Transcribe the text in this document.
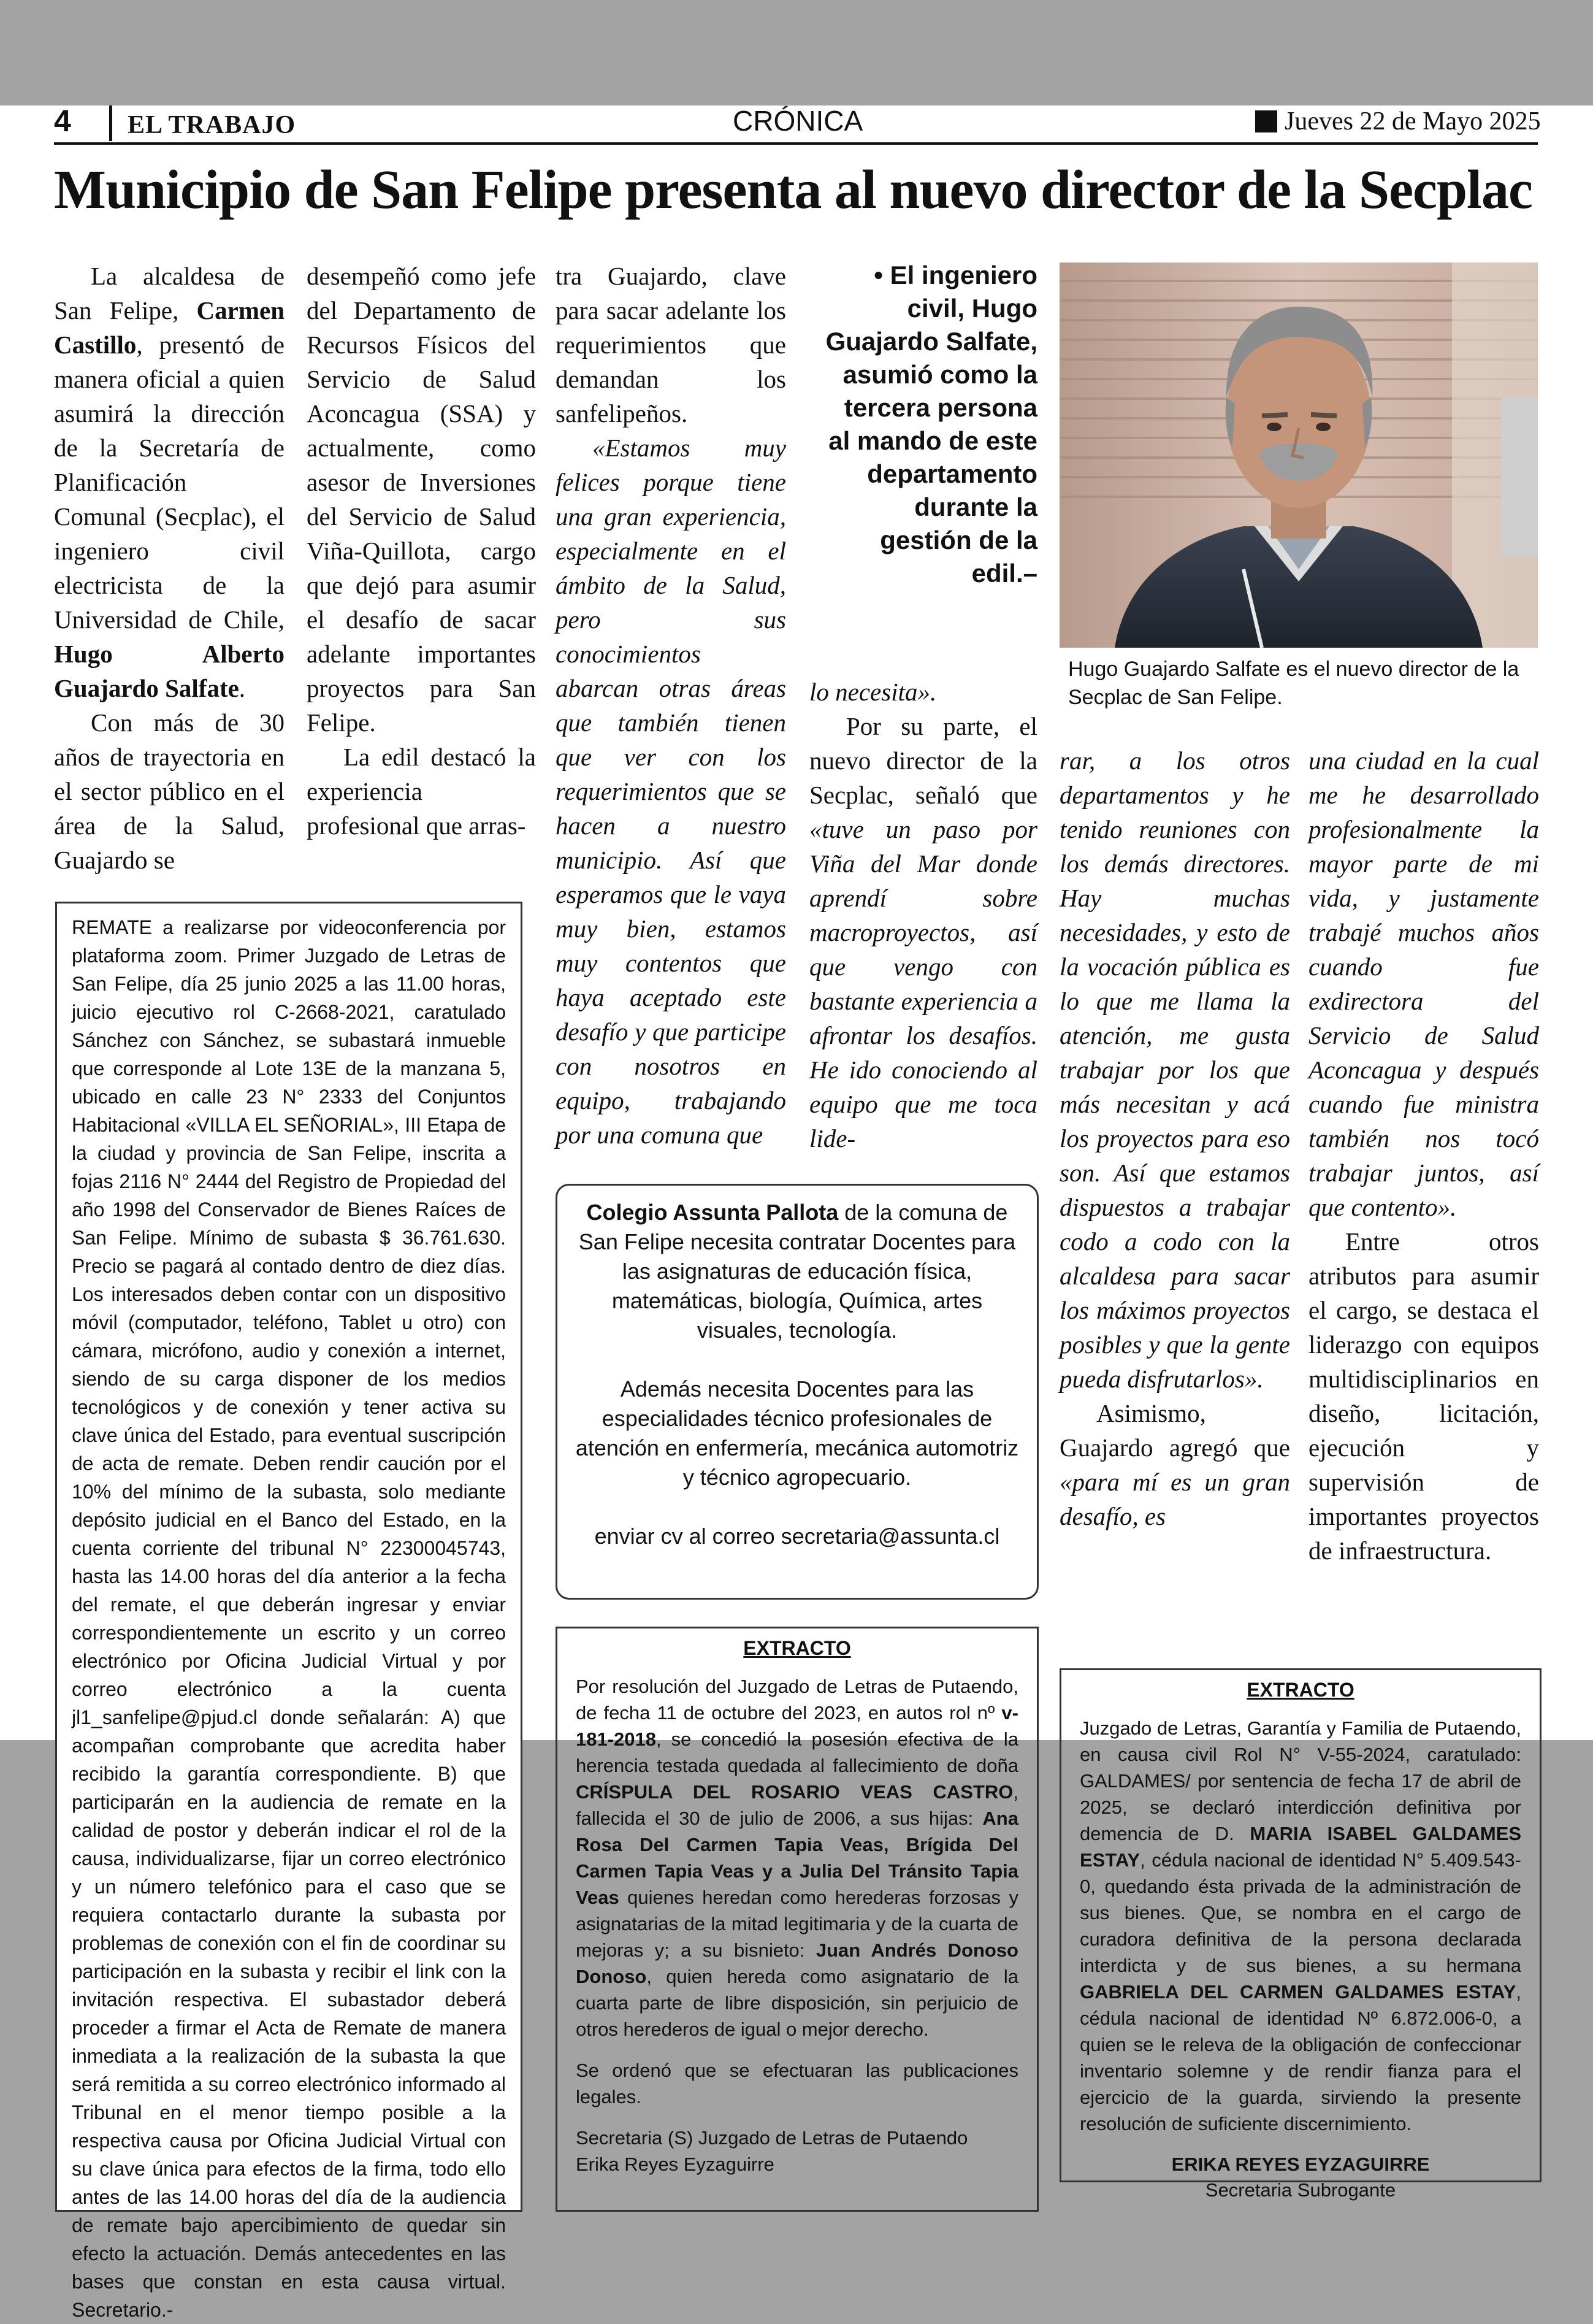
4 EL TRABAJO	CRÓNICA	Jueves 22 de Mayo 2025
Municipio de San Felipe presenta al nuevo director de la Secplac

La alcaldesa de San Felipe, Carmen Castillo, presentó de manera oficial a quien asumirá la dirección de la Secretaría de Planificación Comunal (Secplac), el ingeniero civil electricista de la Universidad de Chile, Hugo Alberto Guajardo Salfate.

Con más de 30 años de trayectoria en el sector público en el área de la Salud, Guajardo se

desempeñó como jefe del Departamento de Recursos Físicos del Servicio de Salud Aconcagua (SSA) y actualmente, como asesor de Inversiones del Servicio de Salud Viña-Quillota, cargo que dejó para asumir el desafío de sacar adelante importantes proyectos para San Felipe.

La edil destacó la experiencia profesional que arras-

tra Guajardo, clave para sacar adelante los requerimientos que demandan los sanfelipeños.

«Estamos muy felices porque tiene una gran experiencia, especialmente en el ámbito de la Salud, pero sus conocimientos abarcan otras áreas que también tienen que ver con los requerimientos que se hacen a nuestro municipio. Así que esperamos que le vaya muy bien, estamos muy contentos que haya aceptado este desafío y que participe con nosotros en equipo, trabajando por una comuna que

• El ingeniero civil, Hugo Guajardo Salfate, asumió como la tercera persona al mando de este departamento durante la gestión de la edil.–
Hugo Guajardo Salfate es el nuevo director de la Secplac de San Felipe.

lo necesita».

Por su parte, el nuevo director de la Secplac, señaló que «tuve un paso por Viña del Mar donde aprendí sobre macroproyectos, así que vengo con bastante experiencia a afrontar los desafíos. He ido conociendo al equipo que me toca lide-

rar, a los otros departamentos y he tenido reuniones con los demás directores. Hay muchas necesidades, y esto de la vocación pública es lo que me llama la atención, me gusta trabajar por los que más necesitan y acá los proyectos para eso son. Así que estamos dispuestos a trabajar codo a codo con la alcaldesa para sacar los máximos proyectos posibles y que la gente pueda disfrutarlos».

Asimismo, Guajardo agregó que «para mí es un gran desafío, es

una ciudad en la cual me he desarrollado profesionalmente la mayor parte de mi vida, y justamente trabajé muchos años cuando fue exdirectora del Servicio de Salud Aconcagua y después cuando fue ministra también nos tocó trabajar juntos, así que contento».

Entre otros atributos para asumir el cargo, se destaca el liderazgo con equipos multidisciplinarios en diseño, licitación, ejecución y supervisión de importantes proyectos de infraestructura.

REMATE a realizarse por videoconferencia por plataforma zoom. Primer Juzgado de Letras de San Felipe, día 25 junio 2025 a las 11.00 horas, juicio ejecutivo rol C-2668-2021, caratulado Sánchez con Sánchez, se subastará inmueble que corresponde al Lote 13E de la manzana 5, ubicado en calle 23 N° 2333 del Conjuntos Habitacional «VILLA EL SEÑORIAL», III Etapa de la ciudad y provincia de San Felipe, inscrita a fojas 2116 N° 2444 del Registro de Propiedad del año 1998 del Conservador de Bienes Raíces de San Felipe. Mínimo de subasta $ 36.761.630. Precio se pagará al contado dentro de diez días. Los interesados deben contar con un dispositivo móvil (computador, teléfono, Tablet u otro) con cámara, micrófono, audio y conexión a internet, siendo de su carga disponer de los medios tecnológicos y de conexión y tener activa su clave única del Estado, para eventual suscripción de acta de remate. Deben rendir caución por el 10% del mínimo de la subasta, solo mediante depósito judicial en el Banco del Estado, en la cuenta corriente del tribunal N° 22300045743, hasta las 14.00 horas del día anterior a la fecha del remate, el que deberán ingresar y enviar correspondientemente un escrito y un correo electrónico por Oficina Judicial Virtual y por correo electrónico a la cuenta jl1_sanfelipe@pjud.cl donde señalarán: A) que acompañan comprobante que acredita haber recibido la garantía correspondiente. B) que participarán en la audiencia de remate en la calidad de postor y deberán indicar el rol de la causa, individualizarse, fijar un correo electrónico y un número telefónico para el caso que se requiera contactarlo durante la subasta por problemas de conexión con el fin de coordinar su participación en la subasta y recibir el link con la invitación respectiva. El subastador deberá proceder a firmar el Acta de Remate de manera inmediata a la realización de la subasta la que será remitida a su correo electrónico informado al Tribunal en el menor tiempo posible a la respectiva causa por Oficina Judicial Virtual con su clave única para efectos de la firma, todo ello antes de las 14.00 horas del día de la audiencia de remate bajo apercibimiento de quedar sin efecto la actuación. Demás antecedentes en las bases que constan en esta causa virtual. Secretario.-

Colegio Assunta Pallota de la comuna de San Felipe necesita contratar Docentes para las asignaturas de educación física, matemáticas, biología, Química, artes visuales, tecnología.
Además necesita Docentes para las especialidades técnico profesionales de atención en enfermería, mecánica automotriz y técnico agropecuario.
enviar cv al correo secretaria@assunta.cl
EXTRACTO

Por resolución del Juzgado de Letras de Putaendo, de fecha 11 de octubre del 2023, en autos rol nº v-181-2018, se concedió la posesión efectiva de la herencia testada quedada al fallecimiento de doña CRÍSPULA DEL ROSARIO VEAS CASTRO, fallecida el 30 de julio de 2006, a sus hijas: Ana Rosa Del Carmen Tapia Veas, Brígida Del Carmen Tapia Veas y a Julia Del Tránsito Tapia Veas quienes heredan como herederas forzosas y asignatarias de la mitad legitimaria y de la cuarta de mejoras y; a su bisnieto: Juan Andrés Donoso Donoso, quien hereda como asignatario de la cuarta parte de libre disposición, sin perjuicio de otros herederos de igual o mejor derecho.

Se ordenó que se efectuaran las publicaciones legales.

Secretaria (S) Juzgado de Letras de Putaendo
Erika Reyes Eyzaguirre
EXTRACTO

Juzgado de Letras, Garantía y Familia de Putaendo, en causa civil Rol N° V-55-2024, caratulado: GALDAMES/ por sentencia de fecha 17 de abril de 2025, se declaró interdicción definitiva por demencia de D. MARIA ISABEL GALDAMES ESTAY, cédula nacional de identidad N° 5.409.543-0, quedando ésta privada de la administración de sus bienes. Que, se nombra en el cargo de curadora definitiva de la persona declarada interdicta y de sus bienes, a su hermana GABRIELA DEL CARMEN GALDAMES ESTAY, cédula nacional de identidad Nº 6.872.006-0, a quien se le releva de la obligación de confeccionar inventario solemne y de rendir fianza para el ejercicio de la guarda, sirviendo la presente resolución de suficiente discernimiento.

ERIKA REYES EYZAGUIRRE
Secretaria Subrogante
